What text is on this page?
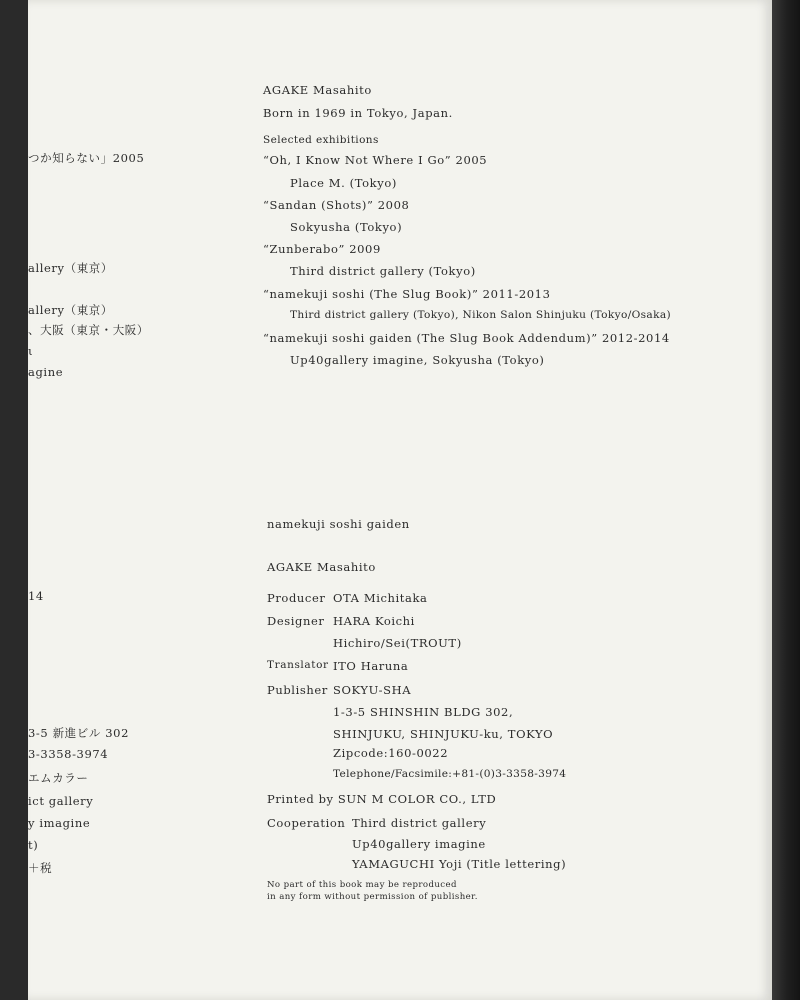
つか知らない」2005
allery（東京）
allery（東京）
、大阪（東京・大阪）
ι
agine
14
3-5 新進ビル 302
3-3358-3974
エムカラー
ict gallery
y imagine
t)
＋税
AGAKE Masahito
Born in 1969 in Tokyo, Japan.
Selected exhibitions
“Oh, I Know Not Where I Go” 2005
Place M. (Tokyo)
“Sandan (Shots)” 2008
Sokyusha (Tokyo)
“Zunberabo” 2009
Third district gallery (Tokyo)
“namekuji soshi (The Slug Book)” 2011-2013
Third district gallery (Tokyo), Nikon Salon Shinjuku (Tokyo/Osaka)
“namekuji soshi gaiden (The Slug Book Addendum)” 2012-2014
Up40gallery imagine, Sokyusha (Tokyo)
namekuji soshi gaiden
AGAKE Masahito
Producer OTA Michitaka
Designer HARA Koichi
Hichiro/Sei(TROUT)
Translator ITO Haruna
Publisher SOKYU-SHA
1-3-5 SHINSHIN BLDG 302,
SHINJUKU, SHINJUKU-ku, TOKYO
Zipcode:160-0022
Telephone/Facsimile:+81-(0)3-3358-3974
Printed by SUN M COLOR CO., LTD
Cooperation Third district gallery
Up40gallery imagine
YAMAGUCHI Yoji (Title lettering)
No part of this book may be reproduced
in any form without permission of publisher.
